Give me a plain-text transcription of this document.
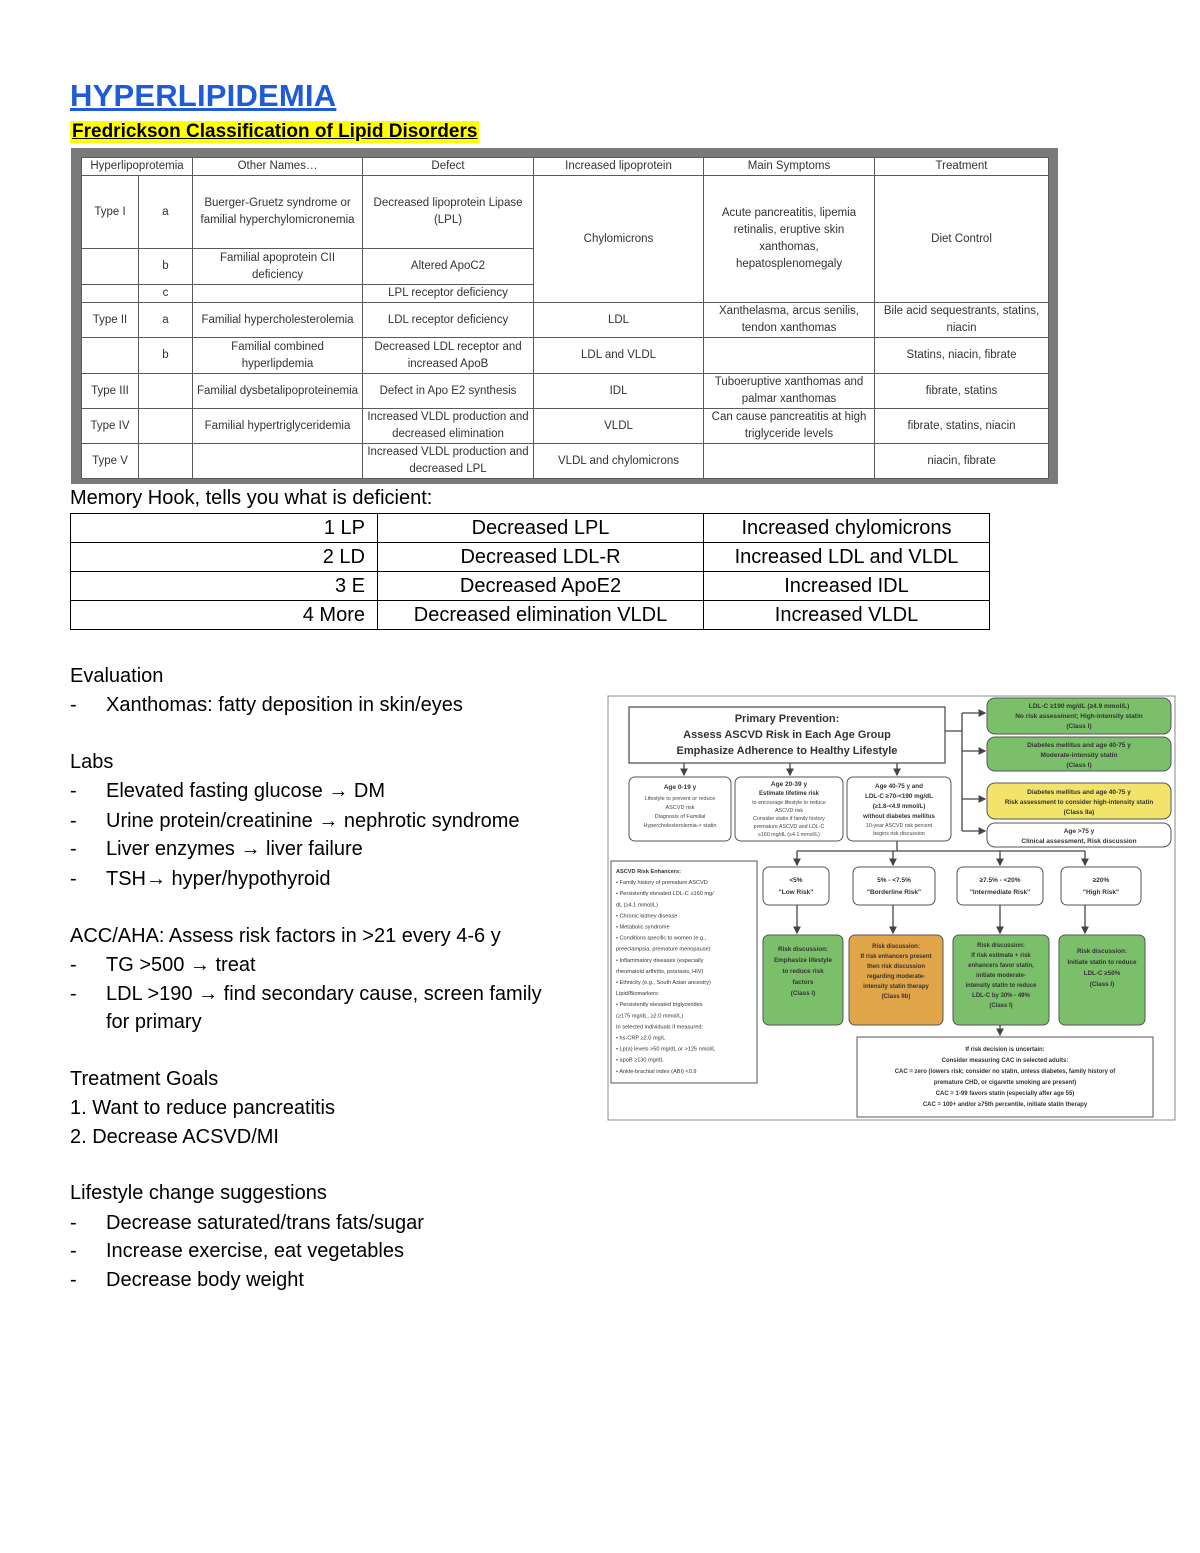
HYPERLIPIDEMIA
Fredrickson Classification of Lipid Disorders
Hyperlipoprotemia		Other Names…	Defect	Increased lipoprotein	Main Symptoms	Treatment
Type I	a	Buerger-Gruetz syndrome or familial hyperchylomicronemia	Decreased lipoprotein Lipase (LPL)	Chylomicrons	Acute pancreatitis, lipemia retinalis, eruptive skin xanthomas, hepatosplenomegaly	Diet Control
	b	Familial apoprotein CII deficiency	Altered ApoC2			
	c		LPL receptor deficiency			
Type II	a	Familial hypercholesterolemia	LDL receptor deficiency	LDL	Xanthelasma, arcus senilis, tendon xanthomas	Bile acid sequestrants, statins, niacin
	b	Familial combined hyperlipdemia	Decreased LDL receptor and increased ApoB	LDL and VLDL		Statins, niacin, fibrate
Type III		Familial dysbetalipoproteinemia	Defect in Apo E2 synthesis	IDL	Tuboeruptive xanthomas and palmar xanthomas	fibrate, statins
Type IV		Familial hypertriglyceridemia	Increased VLDL production and decreased elimination	VLDL	Can cause pancreatitis at high triglyceride levels	fibrate, statins, niacin
Type V			Increased VLDL production and decreased LPL	VLDL and chylomicrons		niacin, fibrate
Memory Hook, tells you what is deficient:
1 LP	Decreased LPL	Increased chylomicrons
2 LD	Decreased LDL-R	Increased LDL and VLDL
3 E	Decreased ApoE2	Increased IDL
4 More	Decreased elimination VLDL	Increased VLDL
Evaluation
- Xanthomas: fatty deposition in skin/eyes
Labs
- Elevated fasting glucose → DM
- Urine protein/creatinine → nephrotic syndrome
- Liver enzymes → liver failure
- TSH→ hyper/hypothyroid
ACC/AHA: Assess risk factors in >21 every 4-6 y
- TG >500 → treat
- LDL >190 → find secondary cause, screen family
for primary
Treatment Goals
1. Want to reduce pancreatitis
2. Decrease ACSVD/MI
Lifestyle change suggestions
- Decrease saturated/trans fats/sugar
- Increase exercise, eat vegetables
- Decrease body weight
Primary Prevention:
Assess ASCVD Risk in Each Age Group
Emphasize Adherence to Healthy Lifestyle
LDL-C ≥190 mg/dL (≥4.9 mmol/L)
No risk assessment; High-intensity statin
(Class I)
Diabetes mellitus and age 40-75 y
Moderate-intensity statin
(Class I)
Diabetes mellitus and age 40-75 y
Risk assessment to consider high-intensity statin
(Class IIa)
Age >75 y
Clinical assessment, Risk discussion
Age 0-19 y
Lifestyle to prevent or reduce
ASCVD risk
Diagnosis of Familial
Hypercholesterolemia-> statin
Age 20-39 y
Estimate lifetime risk
to encourage lifestyle to reduce
ASCVD risk
Consider statin if family history
premature ASCVD and LDL-C
≥160 mg/dL (≥4.1 mmol/L)
Age 40-75 y and
LDL-C ≥70-<190 mg/dL
(≥1.8-<4.9 mmol/L)
without diabetes mellitus
10-year ASCVD risk percent
begins risk discussion
ASCVD Risk Enhancers:
• Family history of premature ASCVD
• Persistently elevated LDL-C ≥160 mg/
dL (≥4.1 mmol/L)
• Chronic kidney disease
• Metabolic syndrome
• Conditions specific to women (e.g.,
preeclampsia, premature menopause)
• Inflammatory diseases (especially
rheumatoid arthritis, psoriasis, HIV)
• Ethnicity (e.g., South Asian ancestry)
Lipid/Biomarkers:
• Persistently elevated triglycerides
(≥175 mg/dL, ≥2.0 mmol/L)
In selected individuals if measured:
• hs-CRP ≥2.0 mg/L
• Lp(a) levels >50 mg/dL or >125 nmol/L
• apoB ≥130 mg/dL
• Ankle-brachial index (ABI) <0.9
<5%
"Low Risk"
5% - <7.5%
"Borderline Risk"
≥7.5% - <20%
"Intermediate Risk"
≥20%
"High Risk"
Risk discussion:
Emphasize lifestyle
to reduce risk
factors
(Class I)
Risk discussion:
If risk enhancers present
then risk discussion
regarding moderate-
intensity statin therapy
(Class IIb)
Risk discussion:
If risk estimate + risk
enhancers favor statin,
initiate moderate-
intensity statin to reduce
LDL-C by 30% - 49%
(Class I)
Risk discussion:
Initiate statin to reduce
LDL-C ≥50%
(Class I)
If risk decision is uncertain:
Consider measuring CAC in selected adults:
CAC = zero (lowers risk; consider no statin, unless diabetes, family history of
premature CHD, or cigarette smoking are present)
CAC = 1-99 favors statin (especially after age 55)
CAC = 100+ and/or ≥75th percentile, initiate statin therapy
